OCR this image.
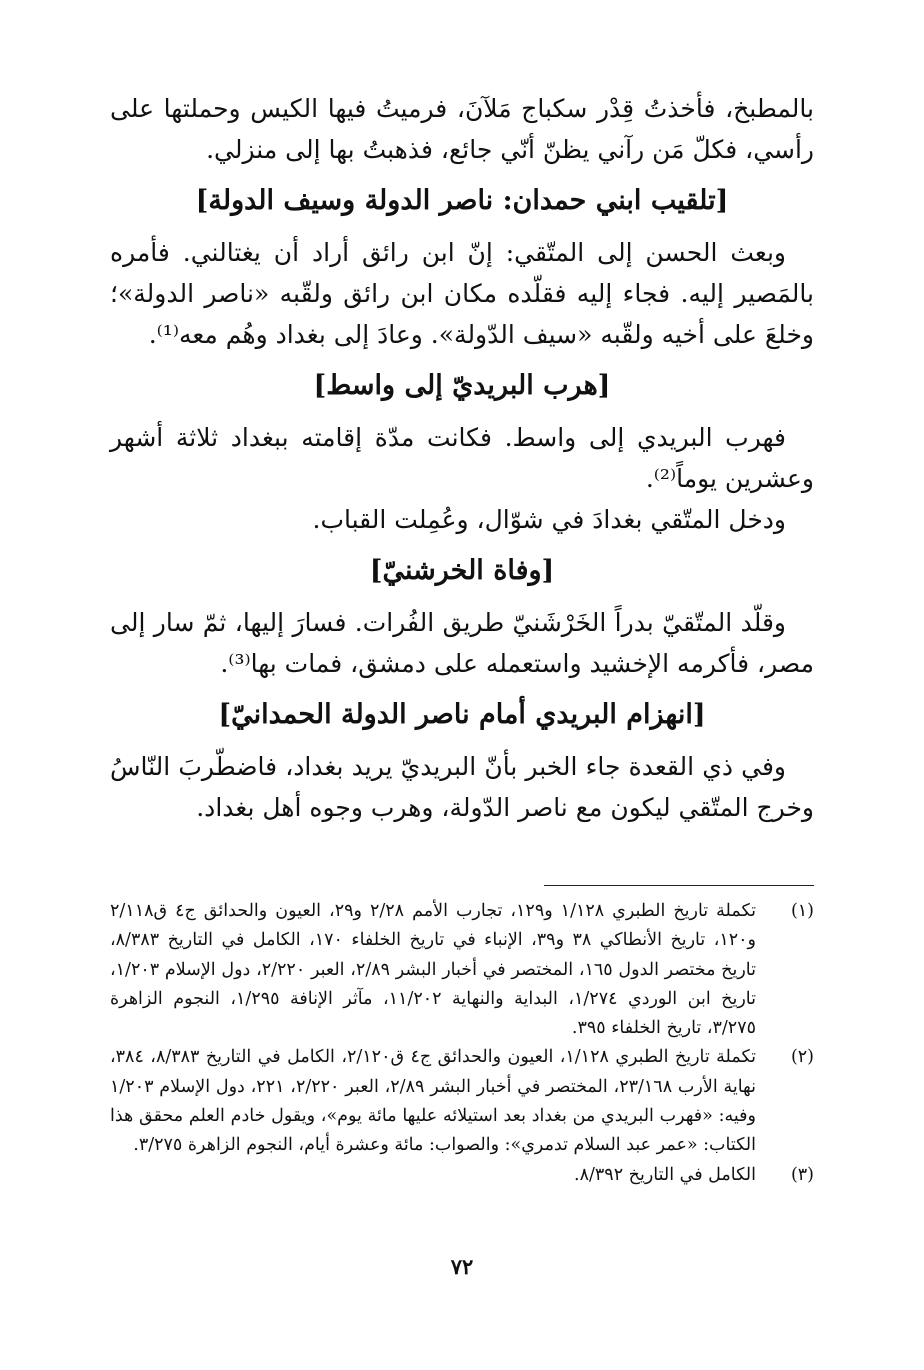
بالمطبخ، فأخذتُ قِدْر سكباج مَلآنَ، فرميتُ فيها الكيس وحملتها على رأسي، فكلّ مَن رآني يظنّ أنّي جائع، فذهبتُ بها إلى منزلي.

[تلقيب ابني حمدان: ناصر الدولة وسيف الدولة]

وبعث الحسن إلى المتّقي: إنّ ابن رائق أراد أن يغتالني. فأمره بالمَصير إليه. فجاء إليه فقلّده مكان ابن رائق ولقّبه «ناصر الدولة»؛ وخلعَ على أخيه ولقّبه «سيف الدّولة». وعادَ إلى بغداد وهُم معه⁽¹⁾.

[هرب البريديّ إلى واسط]

فهرب البريدي إلى واسط. فكانت مدّة إقامته ببغداد ثلاثة أشهر وعشرين يوماً⁽²⁾.

ودخل المتّقي بغدادَ في شوّال، وعُمِلت القباب.

[وفاة الخرشنيّ]

وقلّد المتّقيّ بدراً الخَرْشَنيّ طريق الفُرات. فسارَ إليها، ثمّ سار إلى مصر، فأكرمه الإخشيد واستعمله على دمشق، فمات بها⁽³⁾.

[انهزام البريدي أمام ناصر الدولة الحمدانيّ]

وفي ذي القعدة جاء الخبر بأنّ البريديّ يريد بغداد، فاضطّربَ النّاسُ وخرج المتّقي ليكون مع ناصر الدّولة، وهرب وجوه أهل بغداد.

(١)
تكملة تاريخ الطبري ١/١٢٨ و١٢٩، تجارب الأمم ٢/٢٨ و٢٩، العيون والحدائق ج٤ ق٢/١١٨ و١٢٠، تاريخ الأنطاكي ٣٨ و٣٩، الإنباء في تاريخ الخلفاء ١٧٠، الكامل في التاريخ ٨/٣٨٣، تاريخ مختصر الدول ١٦٥، المختصر في أخبار البشر ٢/٨٩، العبر ٢/٢٢٠، دول الإسلام ١/٢٠٣، تاريخ ابن الوردي ١/٢٧٤، البداية والنهاية ١١/٢٠٢، مآثر الإنافة ١/٢٩٥، النجوم الزاهرة ٣/٢٧٥، تاريخ الخلفاء ٣٩٥.
(٢)
تكملة تاريخ الطبري ١/١٢٨، العيون والحدائق ج٤ ق٢/١٢٠، الكامل في التاريخ ٨/٣٨٣، ٣٨٤، نهاية الأرب ٢٣/١٦٨، المختصر في أخبار البشر ٢/٨٩، العبر ٢/٢٢٠، ٢٢١، دول الإسلام ١/٢٠٣ وفيه: «فهرب البريدي من بغداد بعد استيلائه عليها مائة يوم»، ويقول خادم العلم محقق هذا الكتاب: «عمر عبد السلام تدمري»: والصواب: مائة وعشرة أيام، النجوم الزاهرة ٣/٢٧٥.
(٣)
الكامل في التاريخ ٨/٣٩٢.
٧٢
